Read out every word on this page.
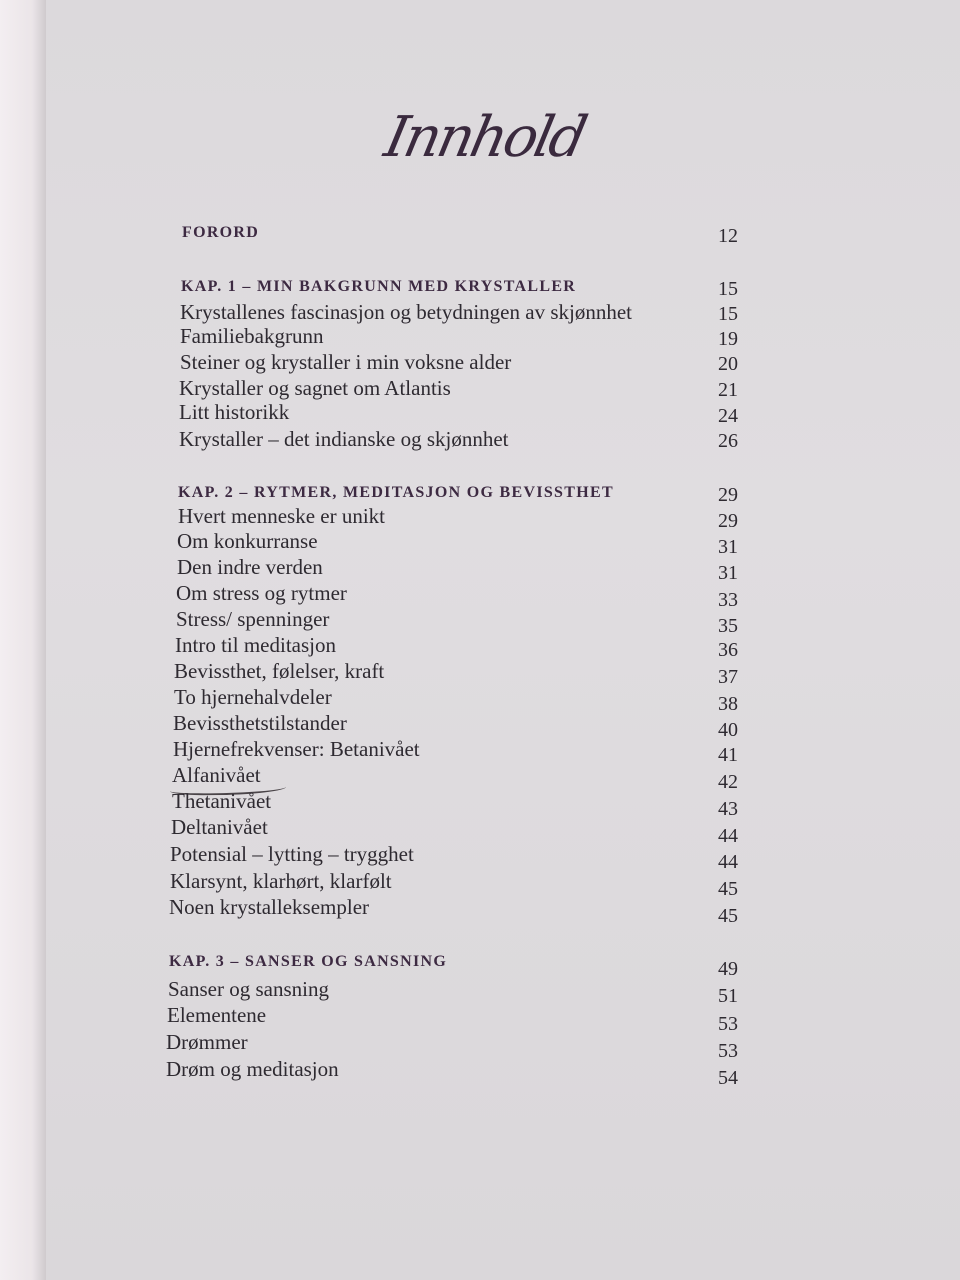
Innhold
FORORD	12
KAP. 1 – MIN BAKGRUNN MED KRYSTALLER	15
Krystallenes fascinasjon og betydningen av skjønnhet	15
Familiebakgrunn	19
Steiner og krystaller i min voksne alder	20
Krystaller og sagnet om Atlantis	21
Litt historikk	24
Krystaller – det indianske og skjønnhet	26
KAP. 2 – RYTMER, MEDITASJON OG BEVISSTHET	29
Hvert menneske er unikt	29
Om konkurranse	31
Den indre verden	31
Om stress og rytmer	33
Stress/ spenninger	35
Intro til meditasjon	36
Bevissthet, følelser, kraft	37
To hjernehalvdeler	38
Bevissthetstilstander	40
Hjernefrekvenser: Betanivået	41
Alfanivået	42
Thetanivået	43
Deltanivået	44
Potensial – lytting – trygghet	44
Klarsynt, klarhørt, klarfølt	45
Noen krystalleksempler	45
KAP. 3 – SANSER OG SANSNING	49
Sanser og sansning	51
Elementene	53
Drømmer	53
Drøm og meditasjon	54
